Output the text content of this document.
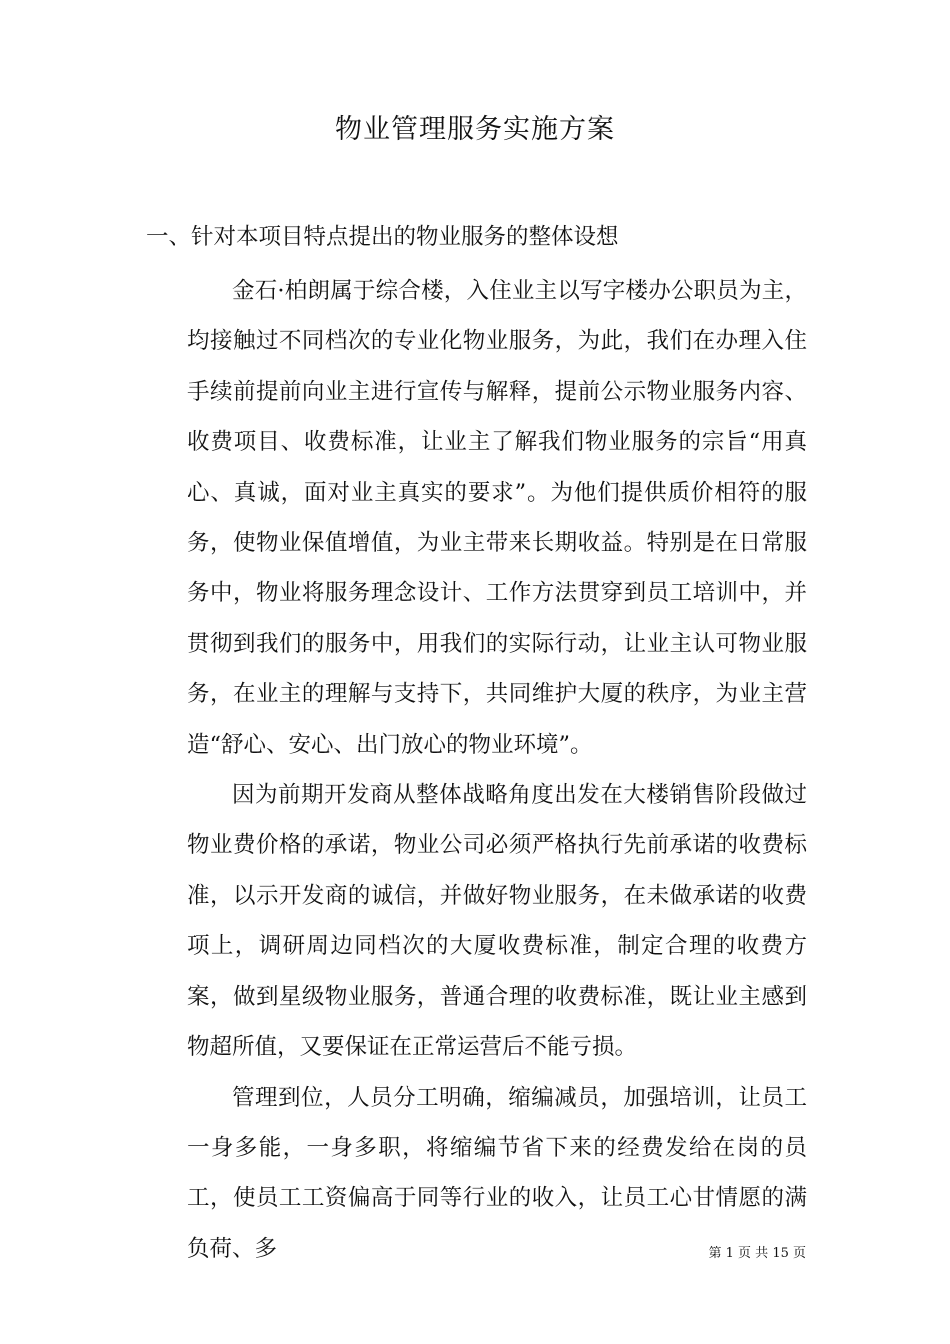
物业管理服务实施方案
一、针对本项目特点提出的物业服务的整体设想

金石·柏朗属于综合楼，入住业主以写字楼办公职员为主，均接触过不同档次的专业化物业服务，为此，我们在办理入住手续前提前向业主进行宣传与解释，提前公示物业服务内容、收费项目、收费标准，让业主了解我们物业服务的宗旨“用真心、真诚，面对业主真实的要求”。为他们提供质价相符的服务，使物业保值增值，为业主带来长期收益。特别是在日常服务中，物业将服务理念设计、工作方法贯穿到员工培训中，并贯彻到我们的服务中，用我们的实际行动，让业主认可物业服务，在业主的理解与支持下，共同维护大厦的秩序，为业主营造“舒心、安心、出门放心的物业环境”。

因为前期开发商从整体战略角度出发在大楼销售阶段做过物业费价格的承诺，物业公司必须严格执行先前承诺的收费标准，以示开发商的诚信，并做好物业服务，在未做承诺的收费项上，调研周边同档次的大厦收费标准，制定合理的收费方案，做到星级物业服务，普通合理的收费标准，既让业主感到物超所值，又要保证在正常运营后不能亏损。

管理到位，人员分工明确，缩编减员，加强培训，让员工一身多能，一身多职，将缩编节省下来的经费发给在岗的员工，使员工工资偏高于同等行业的收入，让员工心甘情愿的满负荷、多	第 1 页 共 15 页
